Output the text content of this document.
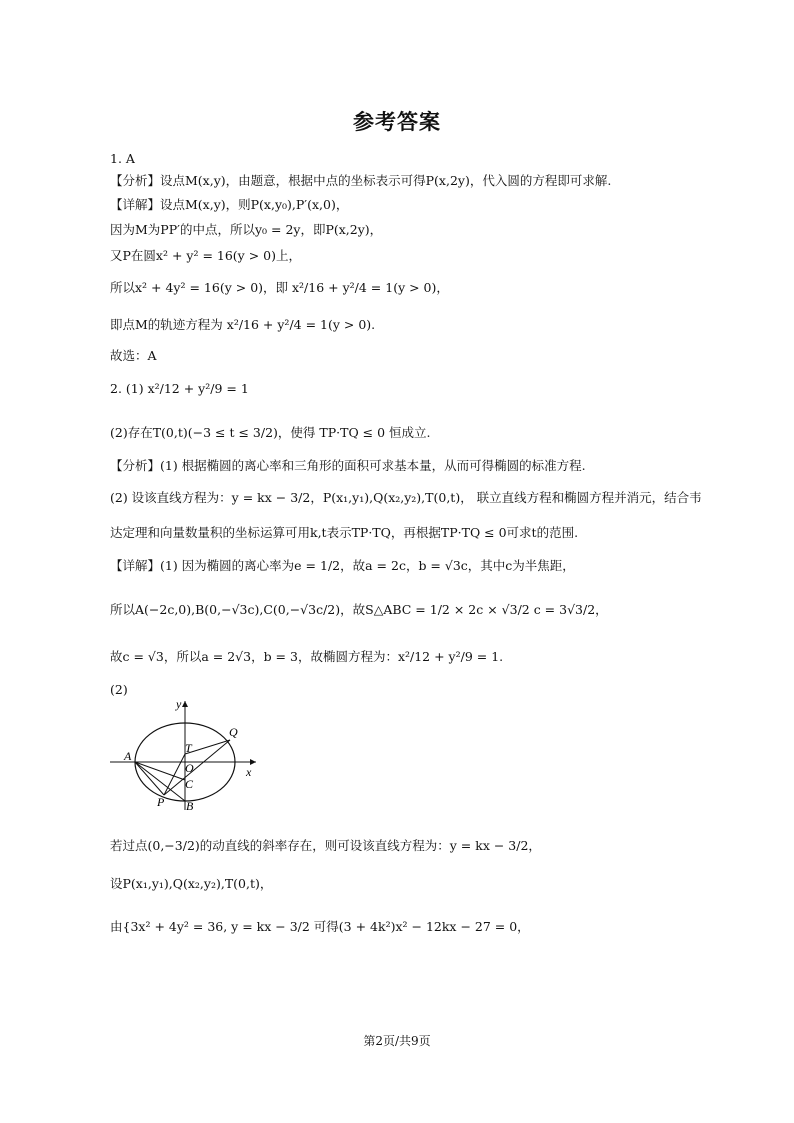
参考答案
1. A
【分析】设点M(x,y)，由题意，根据中点的坐标表示可得P(x,2y)，代入圆的方程即可求解.
【详解】设点M(x,y)，则P(x,y₀),P′(x,0)，
因为M为PP′的中点，所以y₀ = 2y，即P(x,2y)，
又P在圆x² + y² = 16(y > 0)上，
所以x² + 4y² = 16(y > 0)，即 x²/16 + y²/4 = 1(y > 0)，
即点M的轨迹方程为 x²/16 + y²/4 = 1(y > 0).
故选：A
2. (1) x²/12 + y²/9 = 1
(2)存在T(0,t)(−3 ≤ t ≤ 3/2)，使得 TP·TQ ≤ 0 恒成立.
【分析】(1) 根据椭圆的离心率和三角形的面积可求基本量，从而可得椭圆的标准方程.
(2) 设该直线方程为：y = kx − 3/2，P(x₁,y₁),Q(x₂,y₂),T(0,t)， 联立直线方程和椭圆方程并消元，结合韦
达定理和向量数量积的坐标运算可用k,t表示TP·TQ，再根据TP·TQ ≤ 0可求t的范围.
【详解】(1) 因为椭圆的离心率为e = 1/2，故a = 2c，b = √3c，其中c为半焦距，
所以A(−2c,0),B(0,−√3c),C(0,−√3c/2)，故S△ABC = 1/2 × 2c × √3/2 c = 3√3/2，
故c = √3，所以a = 2√3，b = 3，故椭圆方程为：x²/12 + y²/9 = 1.
(2)
y
x
A
Q
T
O
C
P B
若过点(0,−3/2)的动直线的斜率存在，则可设该直线方程为：y = kx − 3/2，
设P(x₁,y₁),Q(x₂,y₂),T(0,t)，
由{3x² + 4y² = 36, y = kx − 3/2 可得(3 + 4k²)x² − 12kx − 27 = 0，
第2页/共9页
